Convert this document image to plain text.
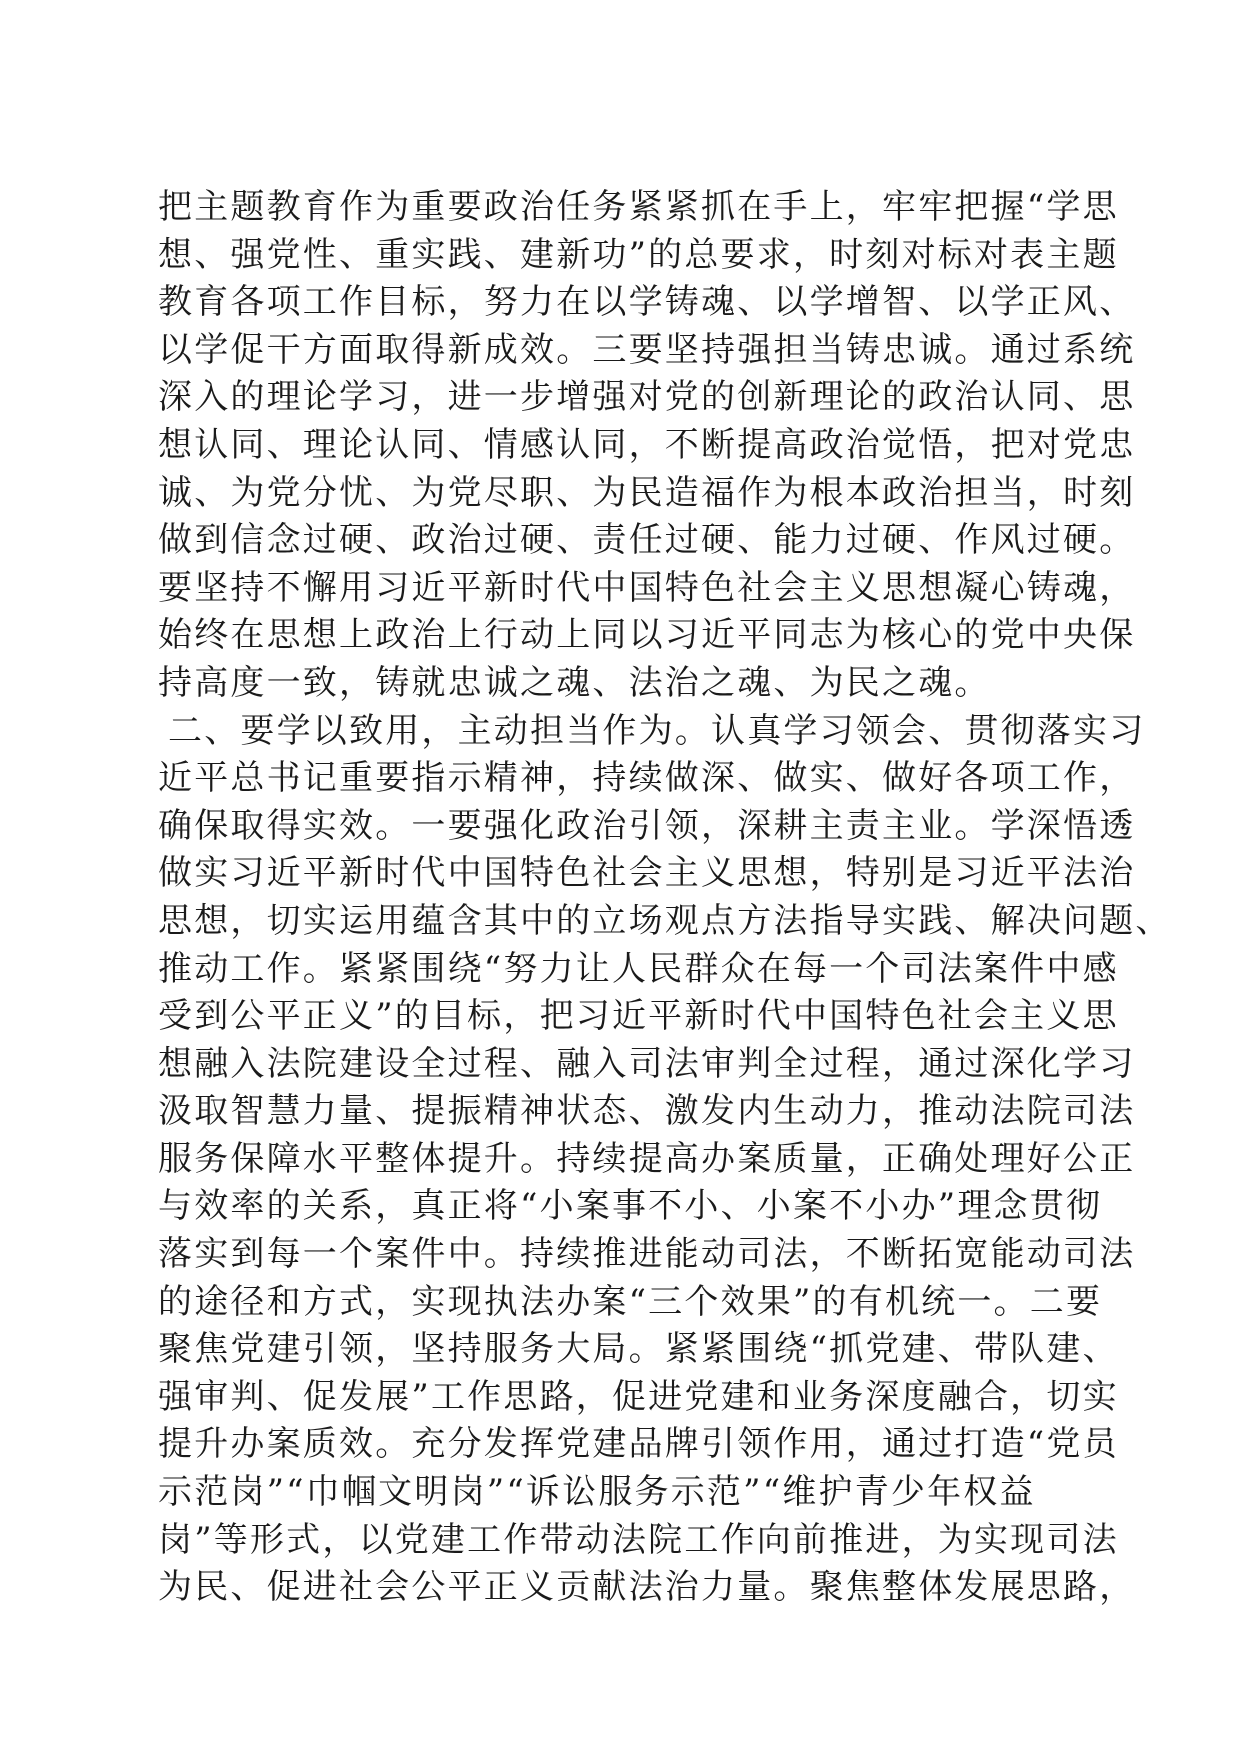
把主题教育作为重要政治任务紧紧抓在手上，牢牢把握“学思
想、强党性、重实践、建新功”的总要求，时刻对标对表主题
教育各项工作目标，努力在以学铸魂、以学增智、以学正风、
以学促干方面取得新成效。三要坚持强担当铸忠诚。通过系统
深入的理论学习，进一步增强对党的创新理论的政治认同、思
想认同、理论认同、情感认同，不断提高政治觉悟，把对党忠
诚、为党分忧、为党尽职、为民造福作为根本政治担当，时刻
做到信念过硬、政治过硬、责任过硬、能力过硬、作风过硬。
要坚持不懈用习近平新时代中国特色社会主义思想凝心铸魂，
始终在思想上政治上行动上同以习近平同志为核心的党中央保
持高度一致，铸就忠诚之魂、法治之魂、为民之魂。
二、要学以致用，主动担当作为。认真学习领会、贯彻落实习
近平总书记重要指示精神，持续做深、做实、做好各项工作，
确保取得实效。一要强化政治引领，深耕主责主业。学深悟透
做实习近平新时代中国特色社会主义思想，特别是习近平法治
思想，切实运用蕴含其中的立场观点方法指导实践、解决问题、
推动工作。紧紧围绕“努力让人民群众在每一个司法案件中感
受到公平正义”的目标，把习近平新时代中国特色社会主义思
想融入法院建设全过程、融入司法审判全过程，通过深化学习
汲取智慧力量、提振精神状态、激发内生动力，推动法院司法
服务保障水平整体提升。持续提高办案质量，正确处理好公正
与效率的关系，真正将“小案事不小、小案不小办”理念贯彻
落实到每一个案件中。持续推进能动司法，不断拓宽能动司法
的途径和方式，实现执法办案“三个效果”的有机统一。二要
聚焦党建引领，坚持服务大局。紧紧围绕“抓党建、带队建、
强审判、促发展”工作思路，促进党建和业务深度融合，切实
提升办案质效。充分发挥党建品牌引领作用，通过打造“党员
示范岗”“巾帼文明岗”“诉讼服务示范”“维护青少年权益
岗”等形式，以党建工作带动法院工作向前推进，为实现司法
为民、促进社会公平正义贡献法治力量。聚焦整体发展思路，
